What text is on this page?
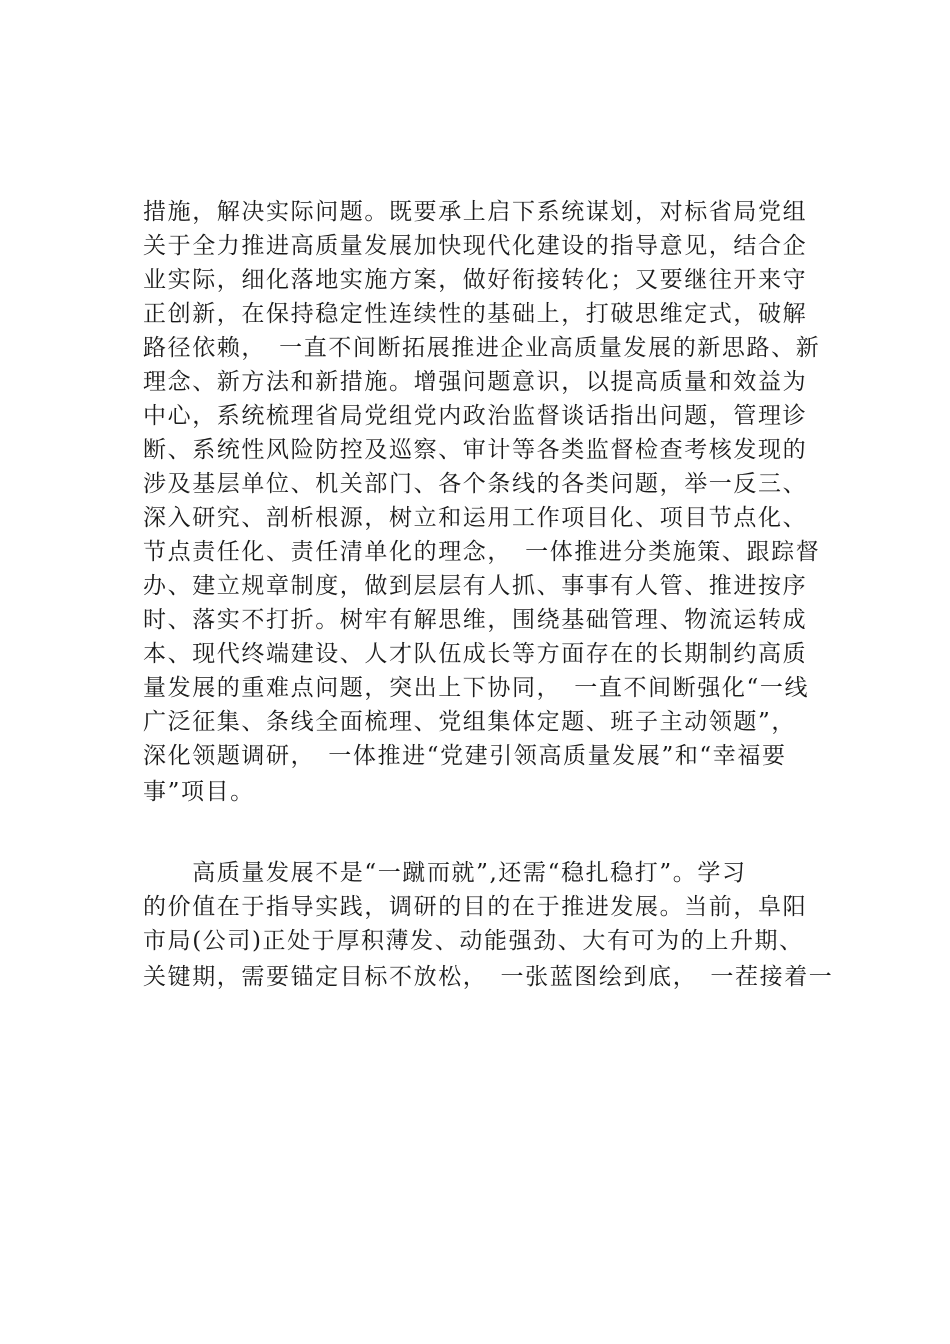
措施，解决实际问题。既要承上启下系统谋划，对标省局党组
关于全力推进高质量发展加快现代化建设的指导意见，结合企
业实际，细化落地实施方案，做好衔接转化；又要继往开来守
正创新，在保持稳定性连续性的基础上，打破思维定式，破解
路径依赖，　一直不间断拓展推进企业高质量发展的新思路、新
理念、新方法和新措施。增强问题意识，以提高质量和效益为
中心，系统梳理省局党组党内政治监督谈话指出问题，管理诊
断、系统性风险防控及巡察、审计等各类监督检查考核发现的
涉及基层单位、机关部门、各个条线的各类问题，举一反三、
深入研究、剖析根源，树立和运用工作项目化、项目节点化、
节点责任化、责任清单化的理念，　一体推进分类施策、跟踪督
办、建立规章制度，做到层层有人抓、事事有人管、推进按序
时、落实不打折。树牢有解思维，围绕基础管理、物流运转成
本、现代终端建设、人才队伍成长等方面存在的长期制约高质
量发展的重难点问题，突出上下协同，　一直不间断强化“一线
广泛征集、条线全面梳理、党组集体定题、班子主动领题”，
深化领题调研，　一体推进“党建引领高质量发展”和“幸福要
事”项目。
　　高质量发展不是“一蹴而就”,还需“稳扎稳打”。学习
的价值在于指导实践，调研的目的在于推进发展。当前，阜阳
市局(公司)正处于厚积薄发、动能强劲、大有可为的上升期、
关键期，需要锚定目标不放松，　一张蓝图绘到底，　一茬接着一
